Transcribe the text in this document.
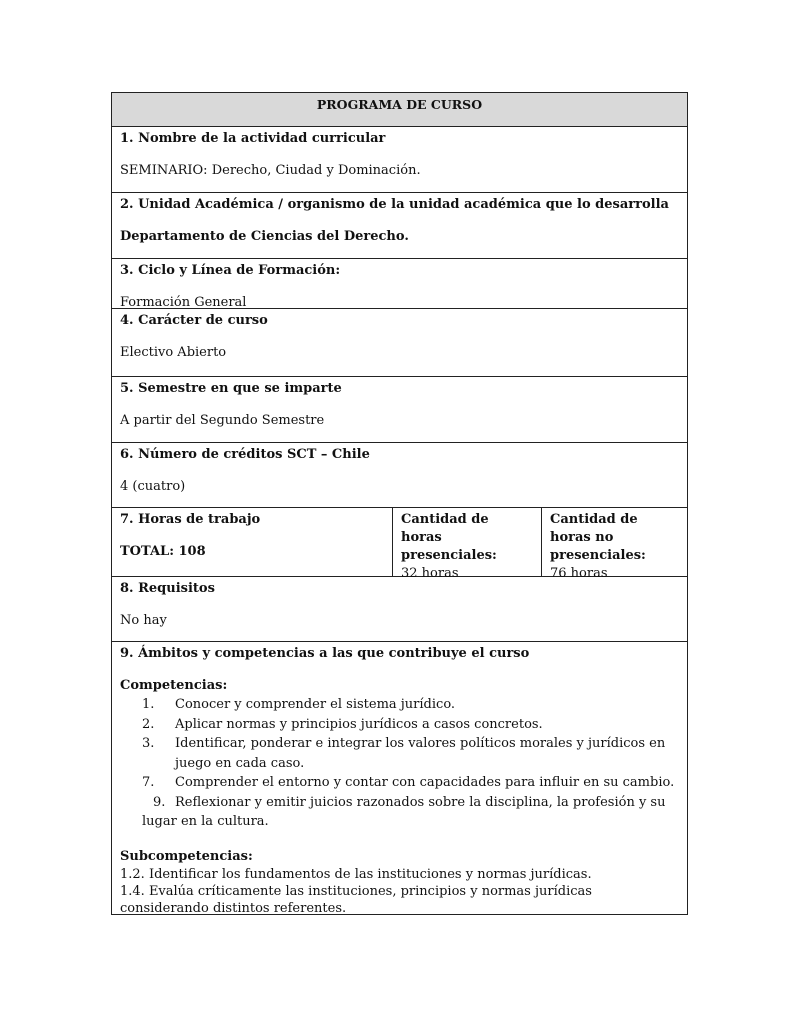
PROGRAMA DE CURSO
1. Nombre de la actividad curricular
SEMINARIO: Derecho, Ciudad y Dominación.
2. Unidad Académica / organismo de la unidad académica que lo desarrolla
Departamento de Ciencias del Derecho.
3. Ciclo y Línea de Formación:
Formación General
4. Carácter de curso
Electivo Abierto
5. Semestre en que se imparte
A partir del Segundo Semestre
6. Número de créditos SCT – Chile
4 (cuatro)
7. Horas de trabajo
TOTAL: 108
Cantidad de horas presenciales:
32 horas
Cantidad de horas no presenciales:
76 horas
8. Requisitos
No hay
9. Ámbitos y competencias a las que contribuye el curso
Competencias:
1. Conocer y comprender el sistema jurídico.
2. Aplicar normas y principios jurídicos a casos concretos.
3. Identificar, ponderar e integrar los valores políticos morales y jurídicos en juego en cada caso.
7. Comprender el entorno y contar con capacidades para influir en su cambio.
9. Reflexionar y emitir juicios razonados sobre la disciplina, la profesión y su lugar en la cultura.
Subcompetencias:

1.2. Identificar los fundamentos de las instituciones y normas jurídicas.

1.4. Evalúa críticamente las instituciones, principios y normas jurídicas considerando distintos referentes.
